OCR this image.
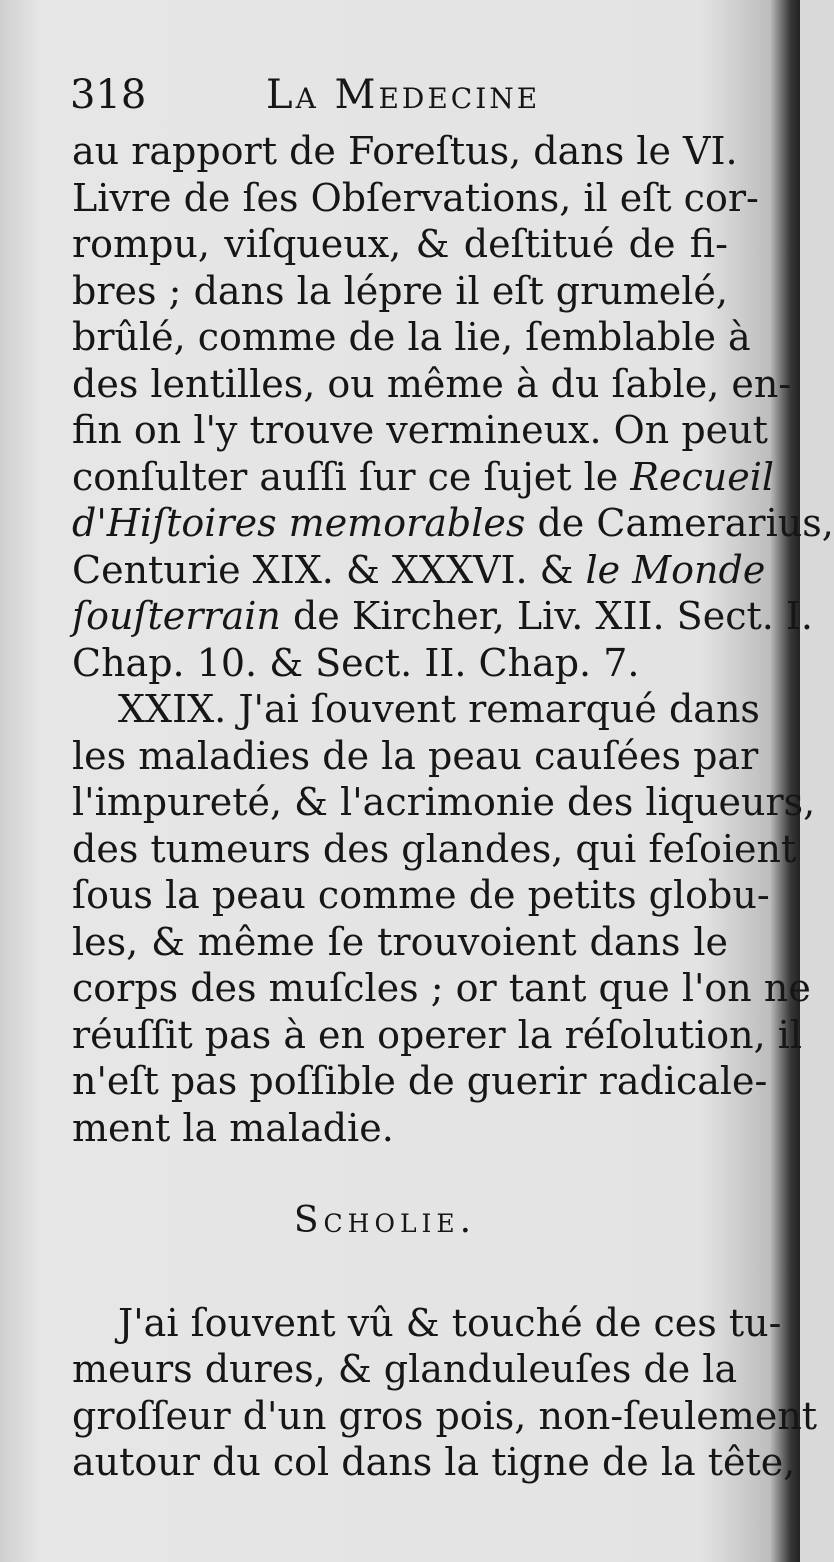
318	La Medecine
au rapport de Foreſtus, dans le VI.
Livre de ſes Obſervations, il eſt cor-
rompu, viſqueux, & deſtitué de fi-
bres ; dans la lépre il eſt grumelé,
brûlé, comme de la lie, ſemblable à
des lentilles, ou même à du ſable, en-
fin on l'y trouve vermineux. On peut
conſulter auſſi ſur ce ſujet le Recueil
d'Hiſtoires memorables de Camerarius,
Centurie XIX. & XXXVI. & le Monde
ſouſterrain de Kircher, Liv. XII. Sect. I.
Chap. 10. & Sect. II. Chap. 7.
XXIX. J'ai ſouvent remarqué dans
les maladies de la peau cauſées par
l'impureté, & l'acrimonie des liqueurs,
des tumeurs des glandes, qui feſoient
ſous la peau comme de petits globu-
les, & même ſe trouvoient dans le
corps des muſcles ; or tant que l'on ne
réuſſit pas à en operer la réſolution, il
n'eſt pas poſſible de guerir radicale-
ment la maladie.
Scholie.
J'ai ſouvent vû & touché de ces tu-
meurs dures, & glanduleuſes de la
groſſeur d'un gros pois, non-ſeulement
autour du col dans la tigne de la tête,
